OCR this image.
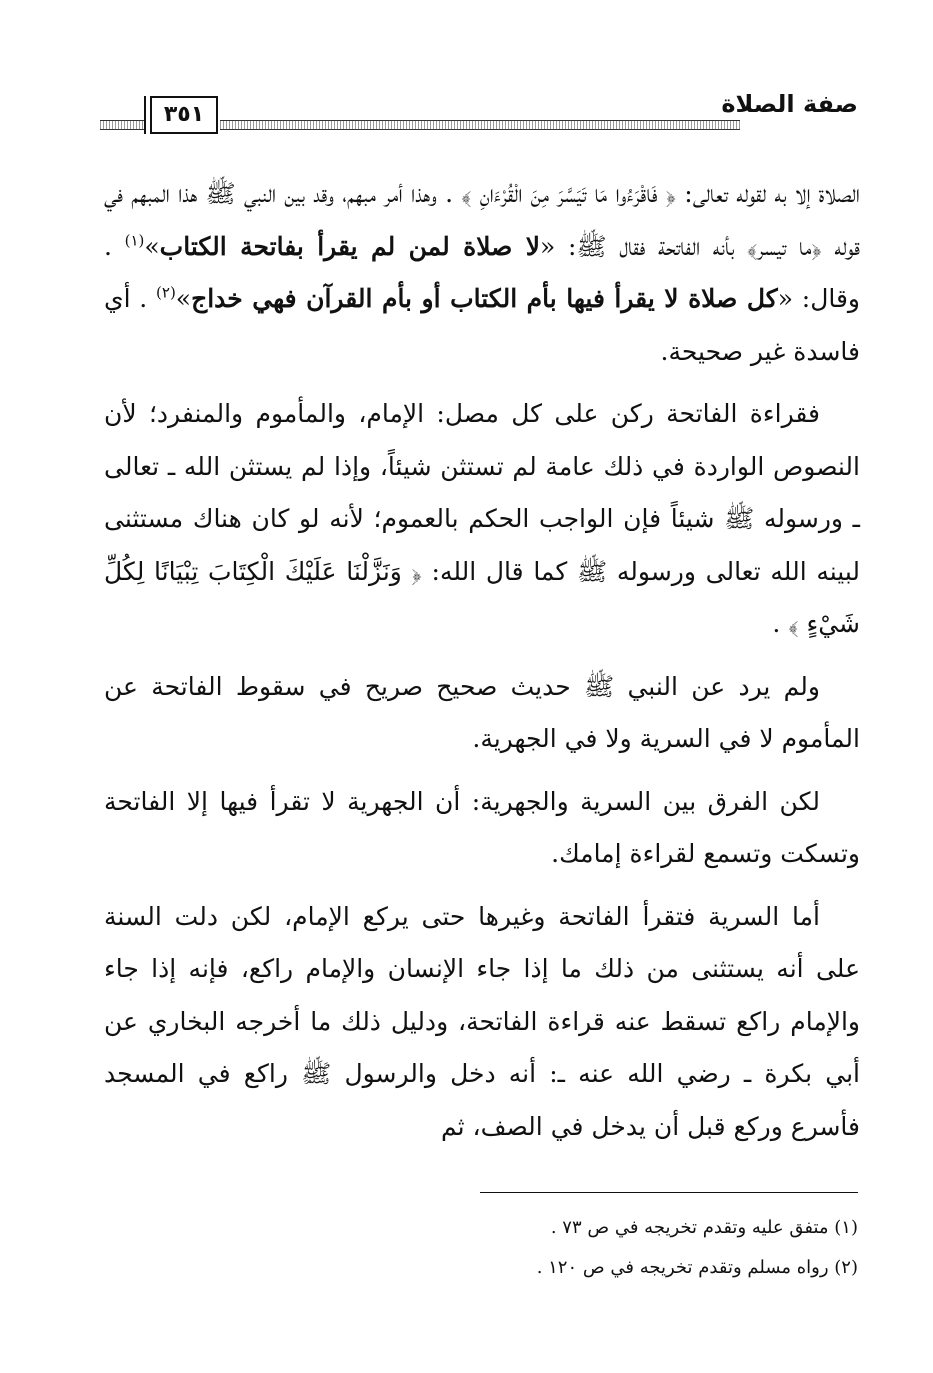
٣٥١	صفة الصلاة

الصلاة إلا به لقوله تعالى: ﴿ فَاقْرَءُوا مَا تَيَسَّرَ مِنَ الْقُرْءَانِ ﴾ . وهذا أمر مبهم، وقد بين النبي ﷺ هذا المبهم في قوله ﴿ما تيسر﴾ بأنه الفاتحة فقال ﷺ: «لا صلاة لمن لم يقرأ بفاتحة الكتاب»$^{(١)}$ . وقال: «كل صلاة لا يقرأ فيها بأم الكتاب أو بأم القرآن فهي خداج»$^{(٢)}$ . أي فاسدة غير صحيحة.

فقراءة الفاتحة ركن على كل مصل: الإمام، والمأموم والمنفرد؛ لأن النصوص الواردة في ذلك عامة لم تستثن شيئاً، وإذا لم يستثن الله ـ تعالى ـ ورسوله ﷺ شيئاً فإن الواجب الحكم بالعموم؛ لأنه لو كان هناك مستثنى لبينه الله تعالى ورسوله ﷺ كما قال الله: ﴿ وَنَزَّلْنَا عَلَيْكَ الْكِتَابَ تِبْيَانًا لِكُلِّ شَيْءٍ ﴾ .

ولم يرد عن النبي ﷺ حديث صحيح صريح في سقوط الفاتحة عن المأموم لا في السرية ولا في الجهرية.

لكن الفرق بين السرية والجهرية: أن الجهرية لا تقرأ فيها إلا الفاتحة وتسكت وتسمع لقراءة إمامك.

أما السرية فتقرأ الفاتحة وغيرها حتى يركع الإمام، لكن دلت السنة على أنه يستثنى من ذلك ما إذا جاء الإنسان والإمام راكع، فإنه إذا جاء والإمام راكع تسقط عنه قراءة الفاتحة، ودليل ذلك ما أخرجه البخاري عن أبي بكرة ـ رضي الله عنه ـ: أنه دخل والرسول ﷺ راكع في المسجد فأسرع وركع قبل أن يدخل في الصف، ثم

(١) متفق عليه وتقدم تخريجه في ص ٧٣ .
(٢) رواه مسلم وتقدم تخريجه في ص ١٢٠ .
